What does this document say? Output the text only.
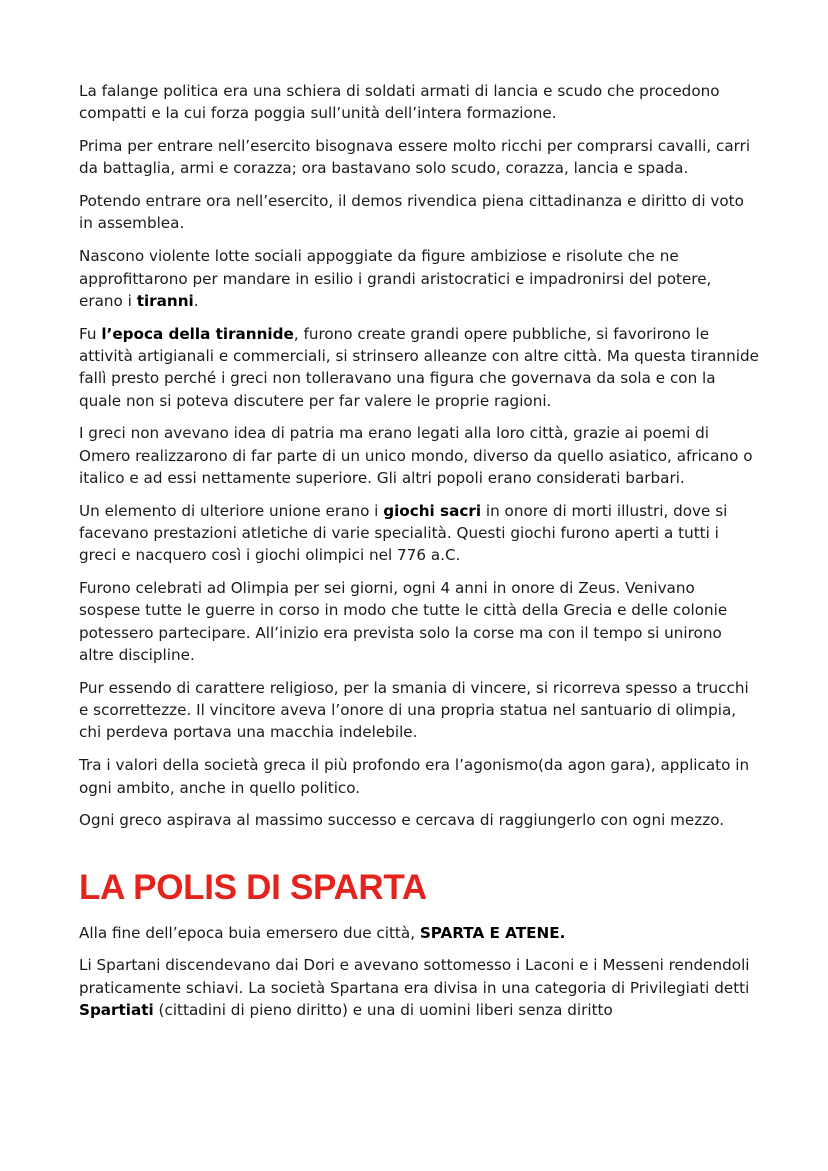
La falange politica era una schiera di soldati armati di lancia e scudo che procedono compatti e la cui forza poggia sull’unità dell’intera formazione.

Prima per entrare nell’esercito bisognava essere molto ricchi per comprarsi cavalli, carri da battaglia, armi e corazza; ora bastavano solo scudo, corazza, lancia e spada.

Potendo entrare ora nell’esercito, il demos rivendica piena cittadinanza e diritto di voto in assemblea.

Nascono violente lotte sociali appoggiate da figure ambiziose e risolute che ne approfittarono per mandare in esilio i grandi aristocratici e impadronirsi del potere, erano i tiranni.

Fu l’epoca della tirannide, furono create grandi opere pubbliche, si favorirono le attività artigianali e commerciali, si strinsero alleanze con altre città. Ma questa tirannide fallì presto perché i greci non tolleravano una figura che governava da sola e con la quale non si poteva discutere per far valere le proprie ragioni.

I greci non avevano idea di patria ma erano legati alla loro città, grazie ai poemi di Omero realizzarono di far parte di un unico mondo, diverso da quello asiatico, africano o italico e ad essi nettamente superiore. Gli altri popoli erano considerati barbari.

Un elemento di ulteriore unione erano i giochi sacri in onore di morti illustri, dove si facevano prestazioni atletiche di varie specialità. Questi giochi furono aperti a tutti i greci e nacquero così i giochi olimpici nel 776 a.C.

Furono celebrati ad Olimpia per sei giorni, ogni 4 anni in onore di Zeus. Venivano sospese tutte le guerre in corso in modo che tutte le città della Grecia e delle colonie potessero partecipare. All’inizio era prevista solo la corse ma con il tempo si unirono altre discipline.

Pur essendo di carattere religioso, per la smania di vincere, si ricorreva spesso a trucchi e scorrettezze. Il vincitore aveva l’onore di una propria statua nel santuario di olimpia, chi perdeva portava una macchia indelebile.

Tra i valori della società greca il più profondo era l’agonismo(da agon gara), applicato in ogni ambito, anche in quello politico.

Ogni greco aspirava al massimo successo e cercava di raggiungerlo con ogni mezzo.

LA POLIS DI SPARTA

Alla fine dell’epoca buia emersero due città, SPARTA E ATENE.

Li Spartani discendevano dai Dori e avevano sottomesso i Laconi e i Messeni rendendoli praticamente schiavi. La società Spartana era divisa in una categoria di Privilegiati detti Spartiati (cittadini di pieno diritto) e una di uomini liberi senza diritto
